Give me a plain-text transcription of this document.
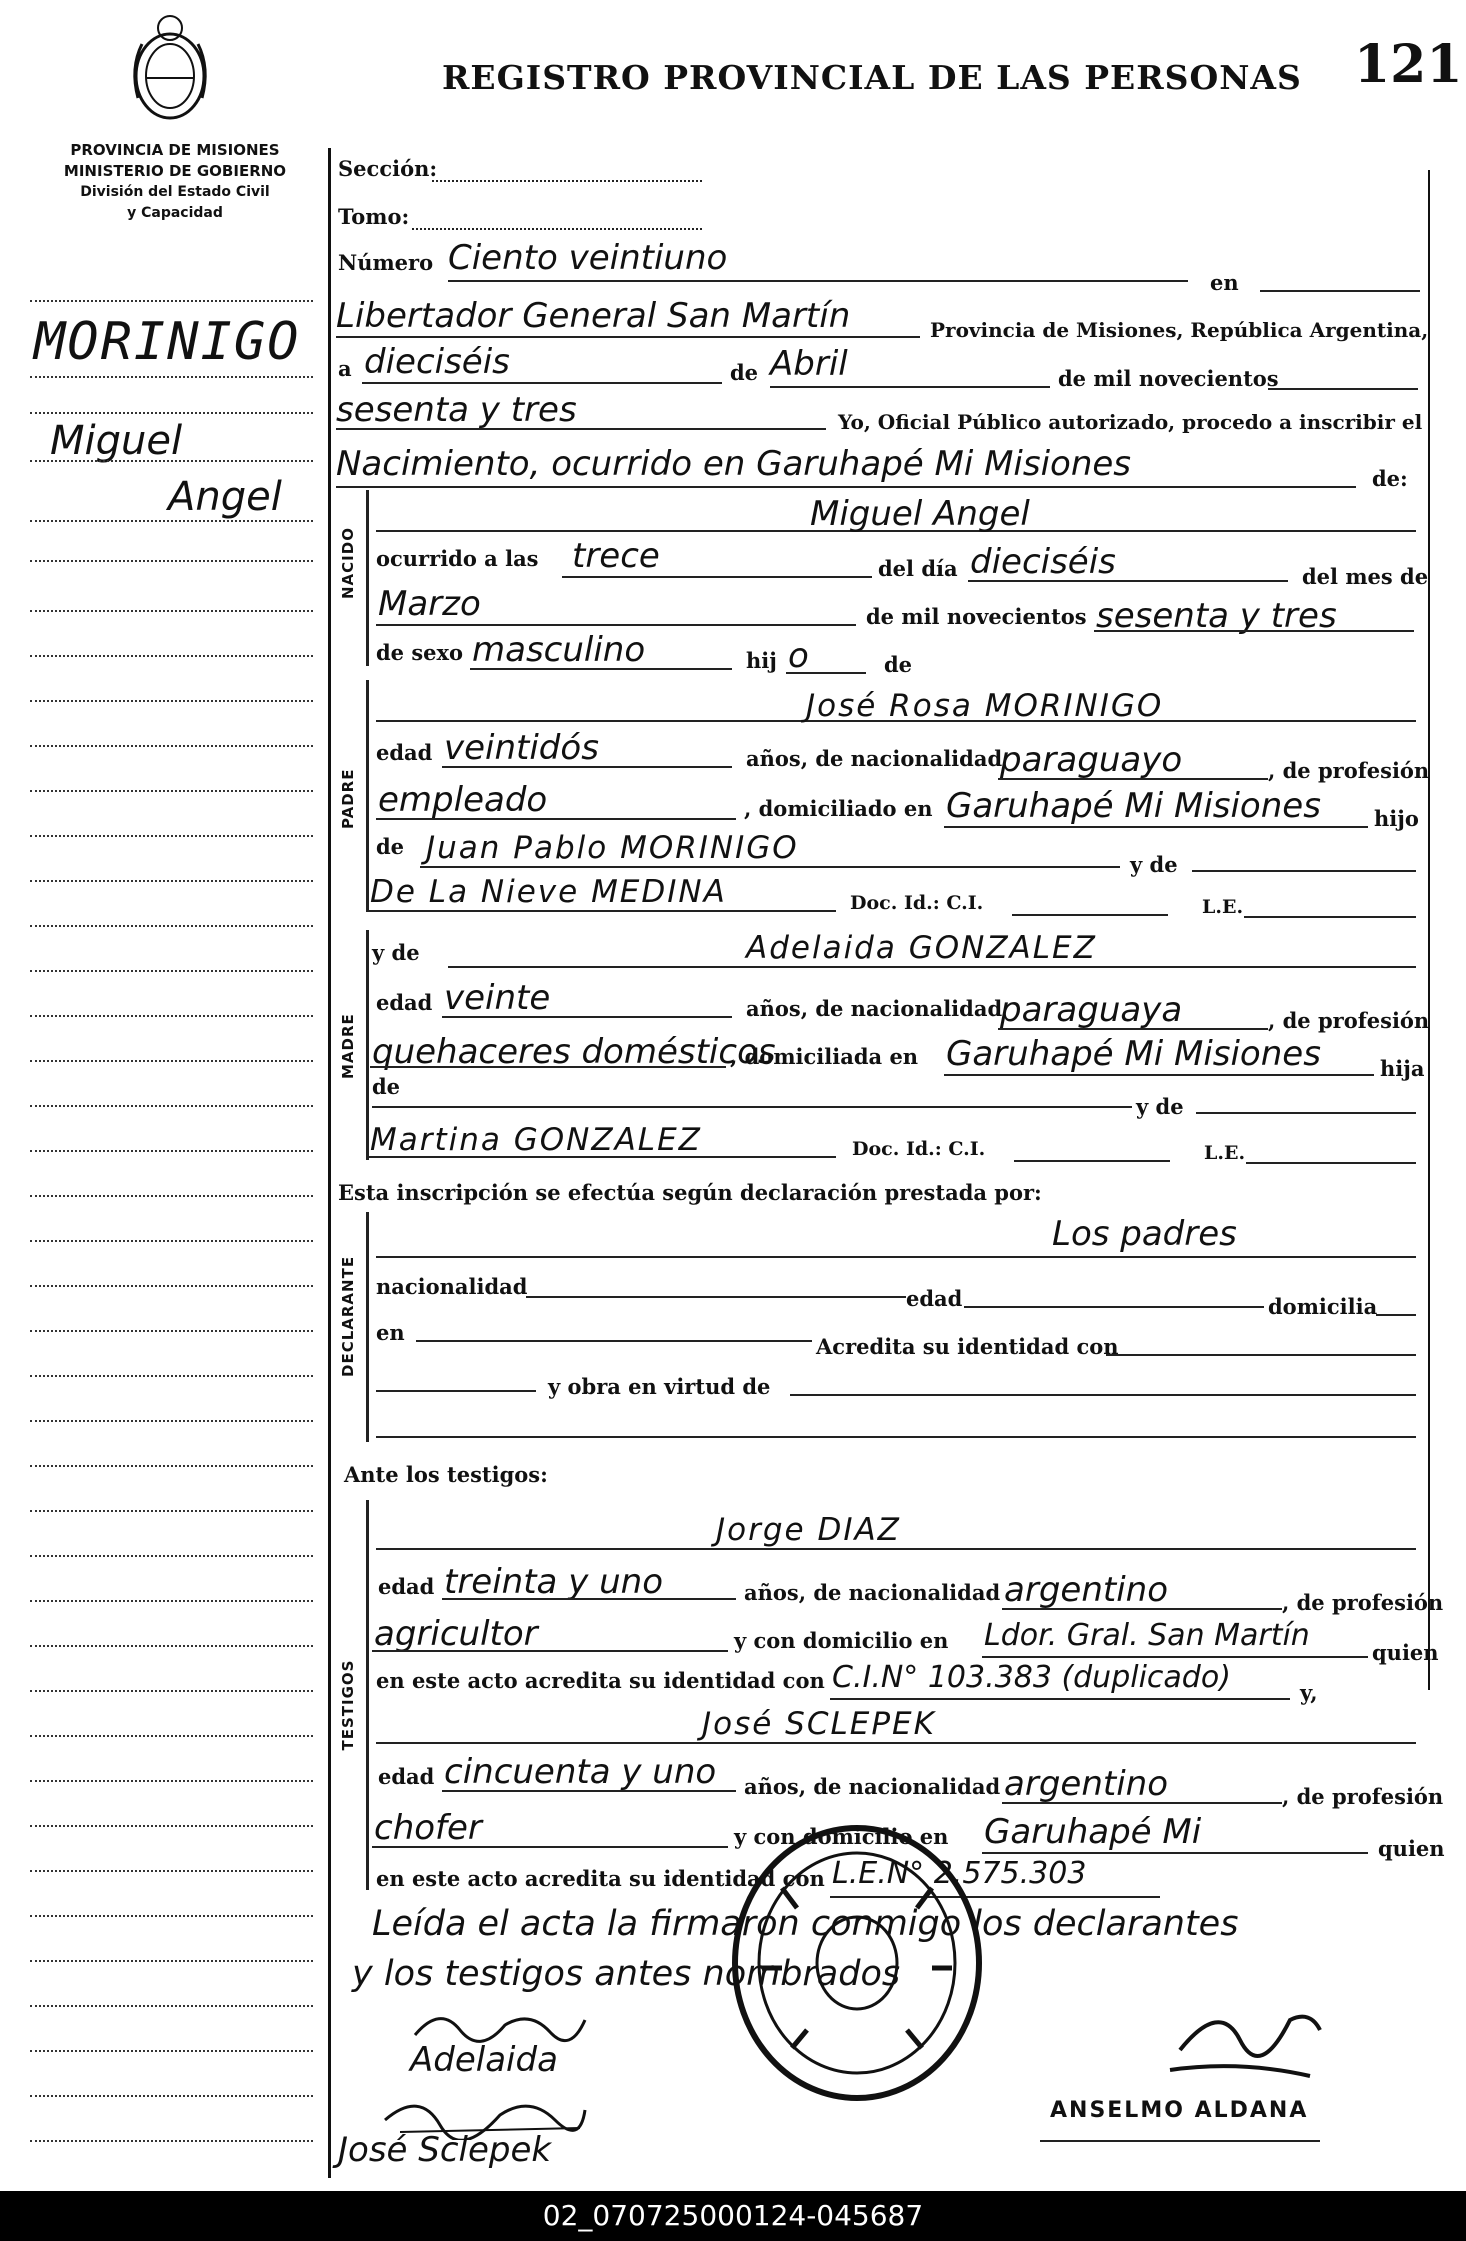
REGISTRO PROVINCIAL DE LAS PERSONAS 121
PROVINCIA DE MISIONES
MINISTERIO DE GOBIERNO
División del Estado Civil
y Capacidad
MORINIGO
Miguel
Angel
Sección:
Tomo:
Número Ciento veintiuno
en
Libertador General San Martín	Provincia de Misiones, República Argentina,
a dieciséis	de Abril	de mil novecientos
sesenta y tres	Yo, Oficial Público autorizado, procedo a inscribir el
Nacimiento, ocurrido en Garuhapé Mi Misiones	de:
NACIDO
Miguel Angel
ocurrido a las trece	del día dieciséis	del mes de
Marzo	de mil novecientos sesenta y tres
de sexo masculino	hij o	de
PADRE
José Rosa MORINIGO
edad veintidós	años, de nacionalidad
paraguayo	, de profesión
empleado	, domiciliado en Garuhapé Mi Misiones	hijo
de Juan Pablo MORINIGO	y de
De La Nieve MEDINA	Doc. Id.: C.I.	L.E.
MADRE
y de	Adelaida GONZALEZ
edad veinte	años, de nacionalidad
paraguaya	, de profesión
quehaceres domésticos
, domiciliada en Garuhapé Mi Misiones	hija
de
y de
Martina GONZALEZ	Doc. Id.: C.I.	L.E.
Esta inscripción se efectúa según declaración prestada por:
DECLARANTE
Los padres
nacionalidad	edad	domicilia
en
Acredita su identidad con
y obra en virtud de
Ante los testigos:
TESTIGOS
Jorge DIAZ
edad treinta y uno	años, de nacionalidad argentino	, de profesión
agricultor	y con domicilio en Ldor. Gral. San Martín	quien
en este acto acredita su identidad con C.I.N° 103.383 (duplicado)	y,
José SCLEPEK
edad cincuenta y uno años, de nacionalidad argentino	, de profesión
chofer	y con domicilio en Garuhapé Mi	quien
en este acto acredita su identidad con L.E.N° 2.575.303
Leída el acta la firmaron conmigo los declarantes
y los testigos antes nombrados
Adelaida
José Sclepek
ANSELMO ALDANA
02_070725000124-045687
